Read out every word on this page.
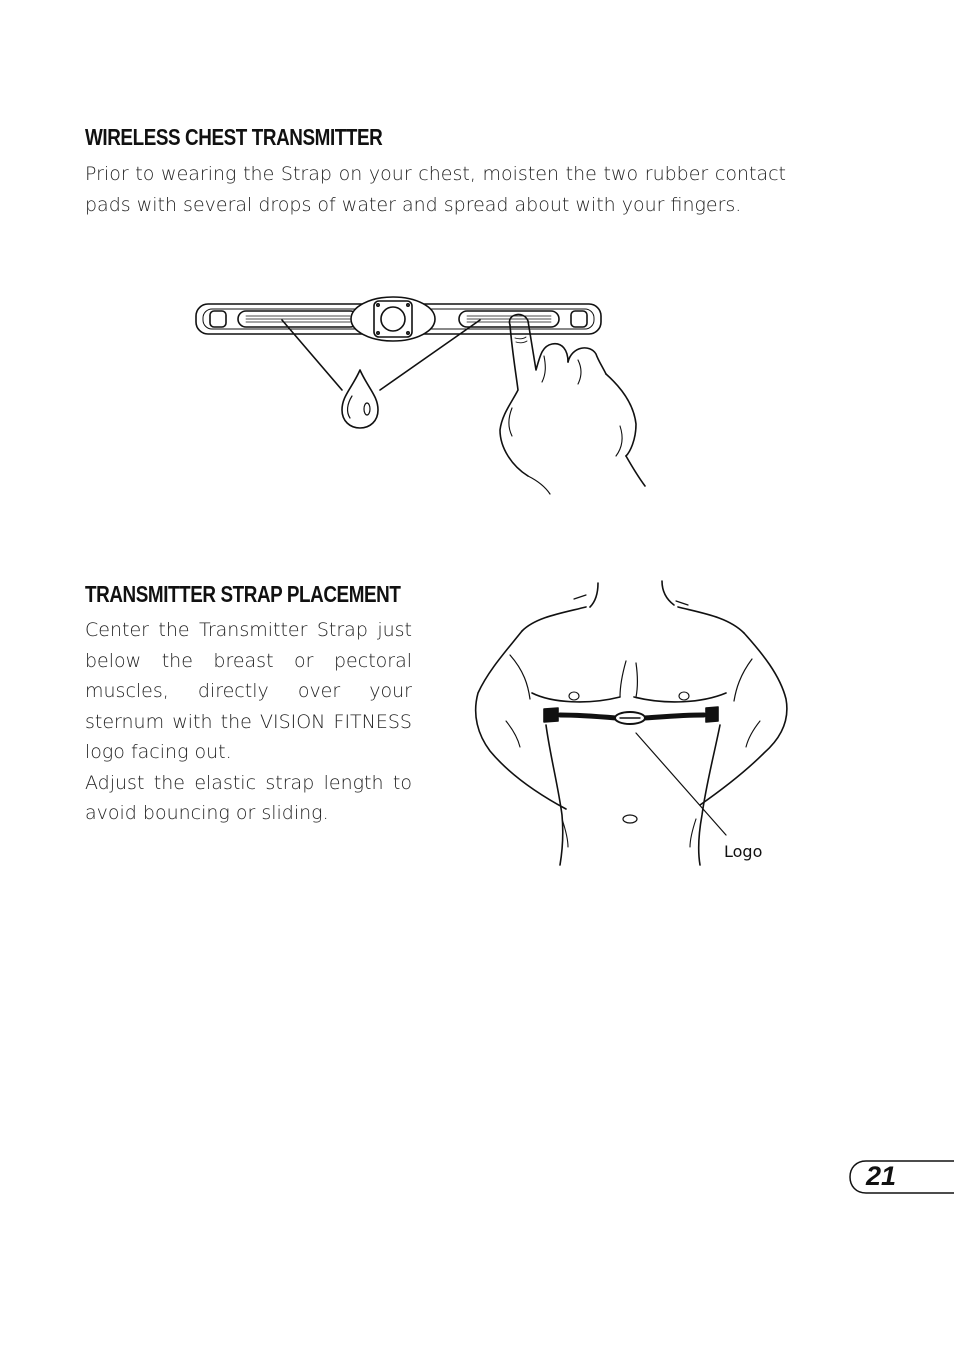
WIRELESS CHEST TRANSMITTER

Prior to wearing the Strap on your chest, moisten the two rubber contact pads with several drops of water and spread about with your fingers.

TRANSMITTER STRAP PLACEMENT
Center the Transmitter Strap just below the breast or pectoral muscles, directly over your sternum with the VISION FITNESS logo facing out.
Adjust the elastic strap length to avoid bouncing or sliding.
Logo
21
